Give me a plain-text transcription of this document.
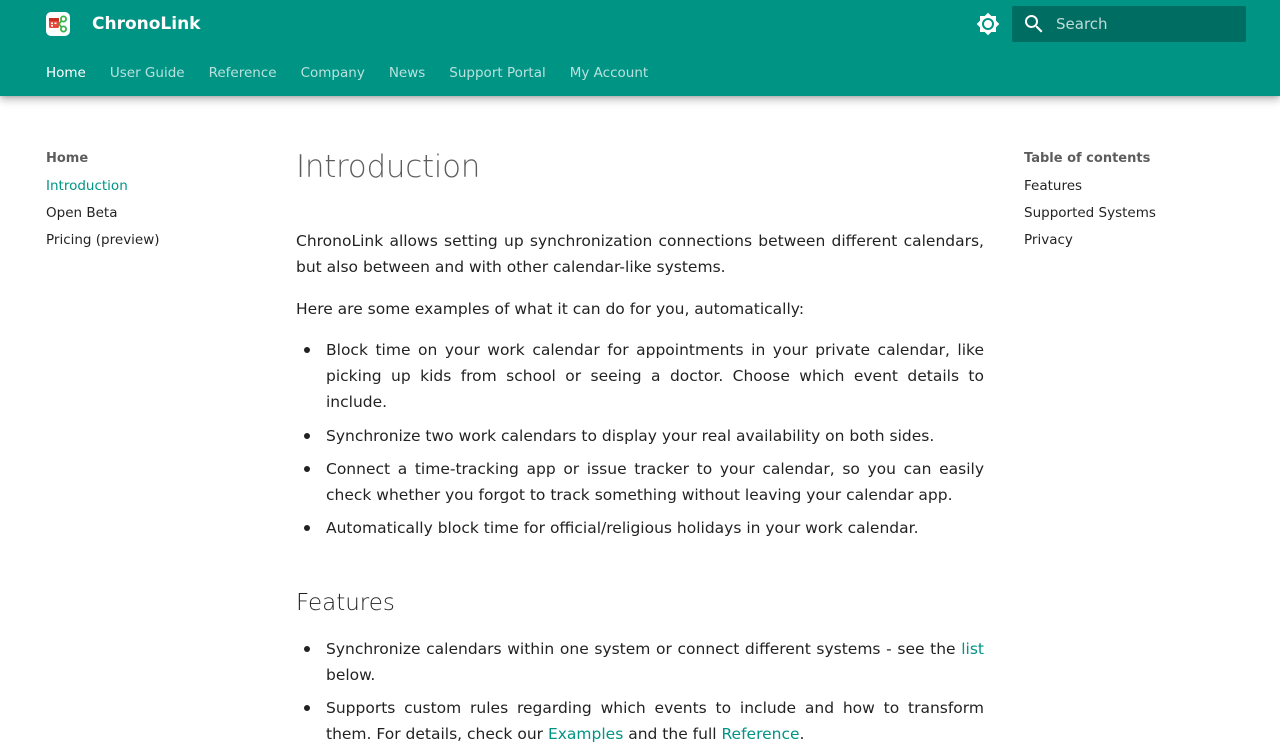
ChronoLink
Search
Home User Guide Reference Company News Support Portal My Account
Home
Introduction
Open Beta
Pricing (preview)
Introduction

ChronoLink allows setting up synchronization connections between different calendars, but also between and with other calendar-like systems.

Here are some examples of what it can do for you, automatically:

Block time on your work calendar for appointments in your private calendar, like picking up kids from school or seeing a doctor. Choose which event details to include.
Synchronize two work calendars to display your real availability on both sides.
Connect a time-tracking app or issue tracker to your calendar, so you can easily check whether you forgot to track something without leaving your calendar app.
Automatically block time for official/religious holidays in your work calendar.
Features
Synchronize calendars within one system or connect different systems - see the list below.
Supports custom rules regarding which events to include and how to transform them. For details, check our Examples and the full Reference.
Table of contents
Features
Supported Systems
Privacy
